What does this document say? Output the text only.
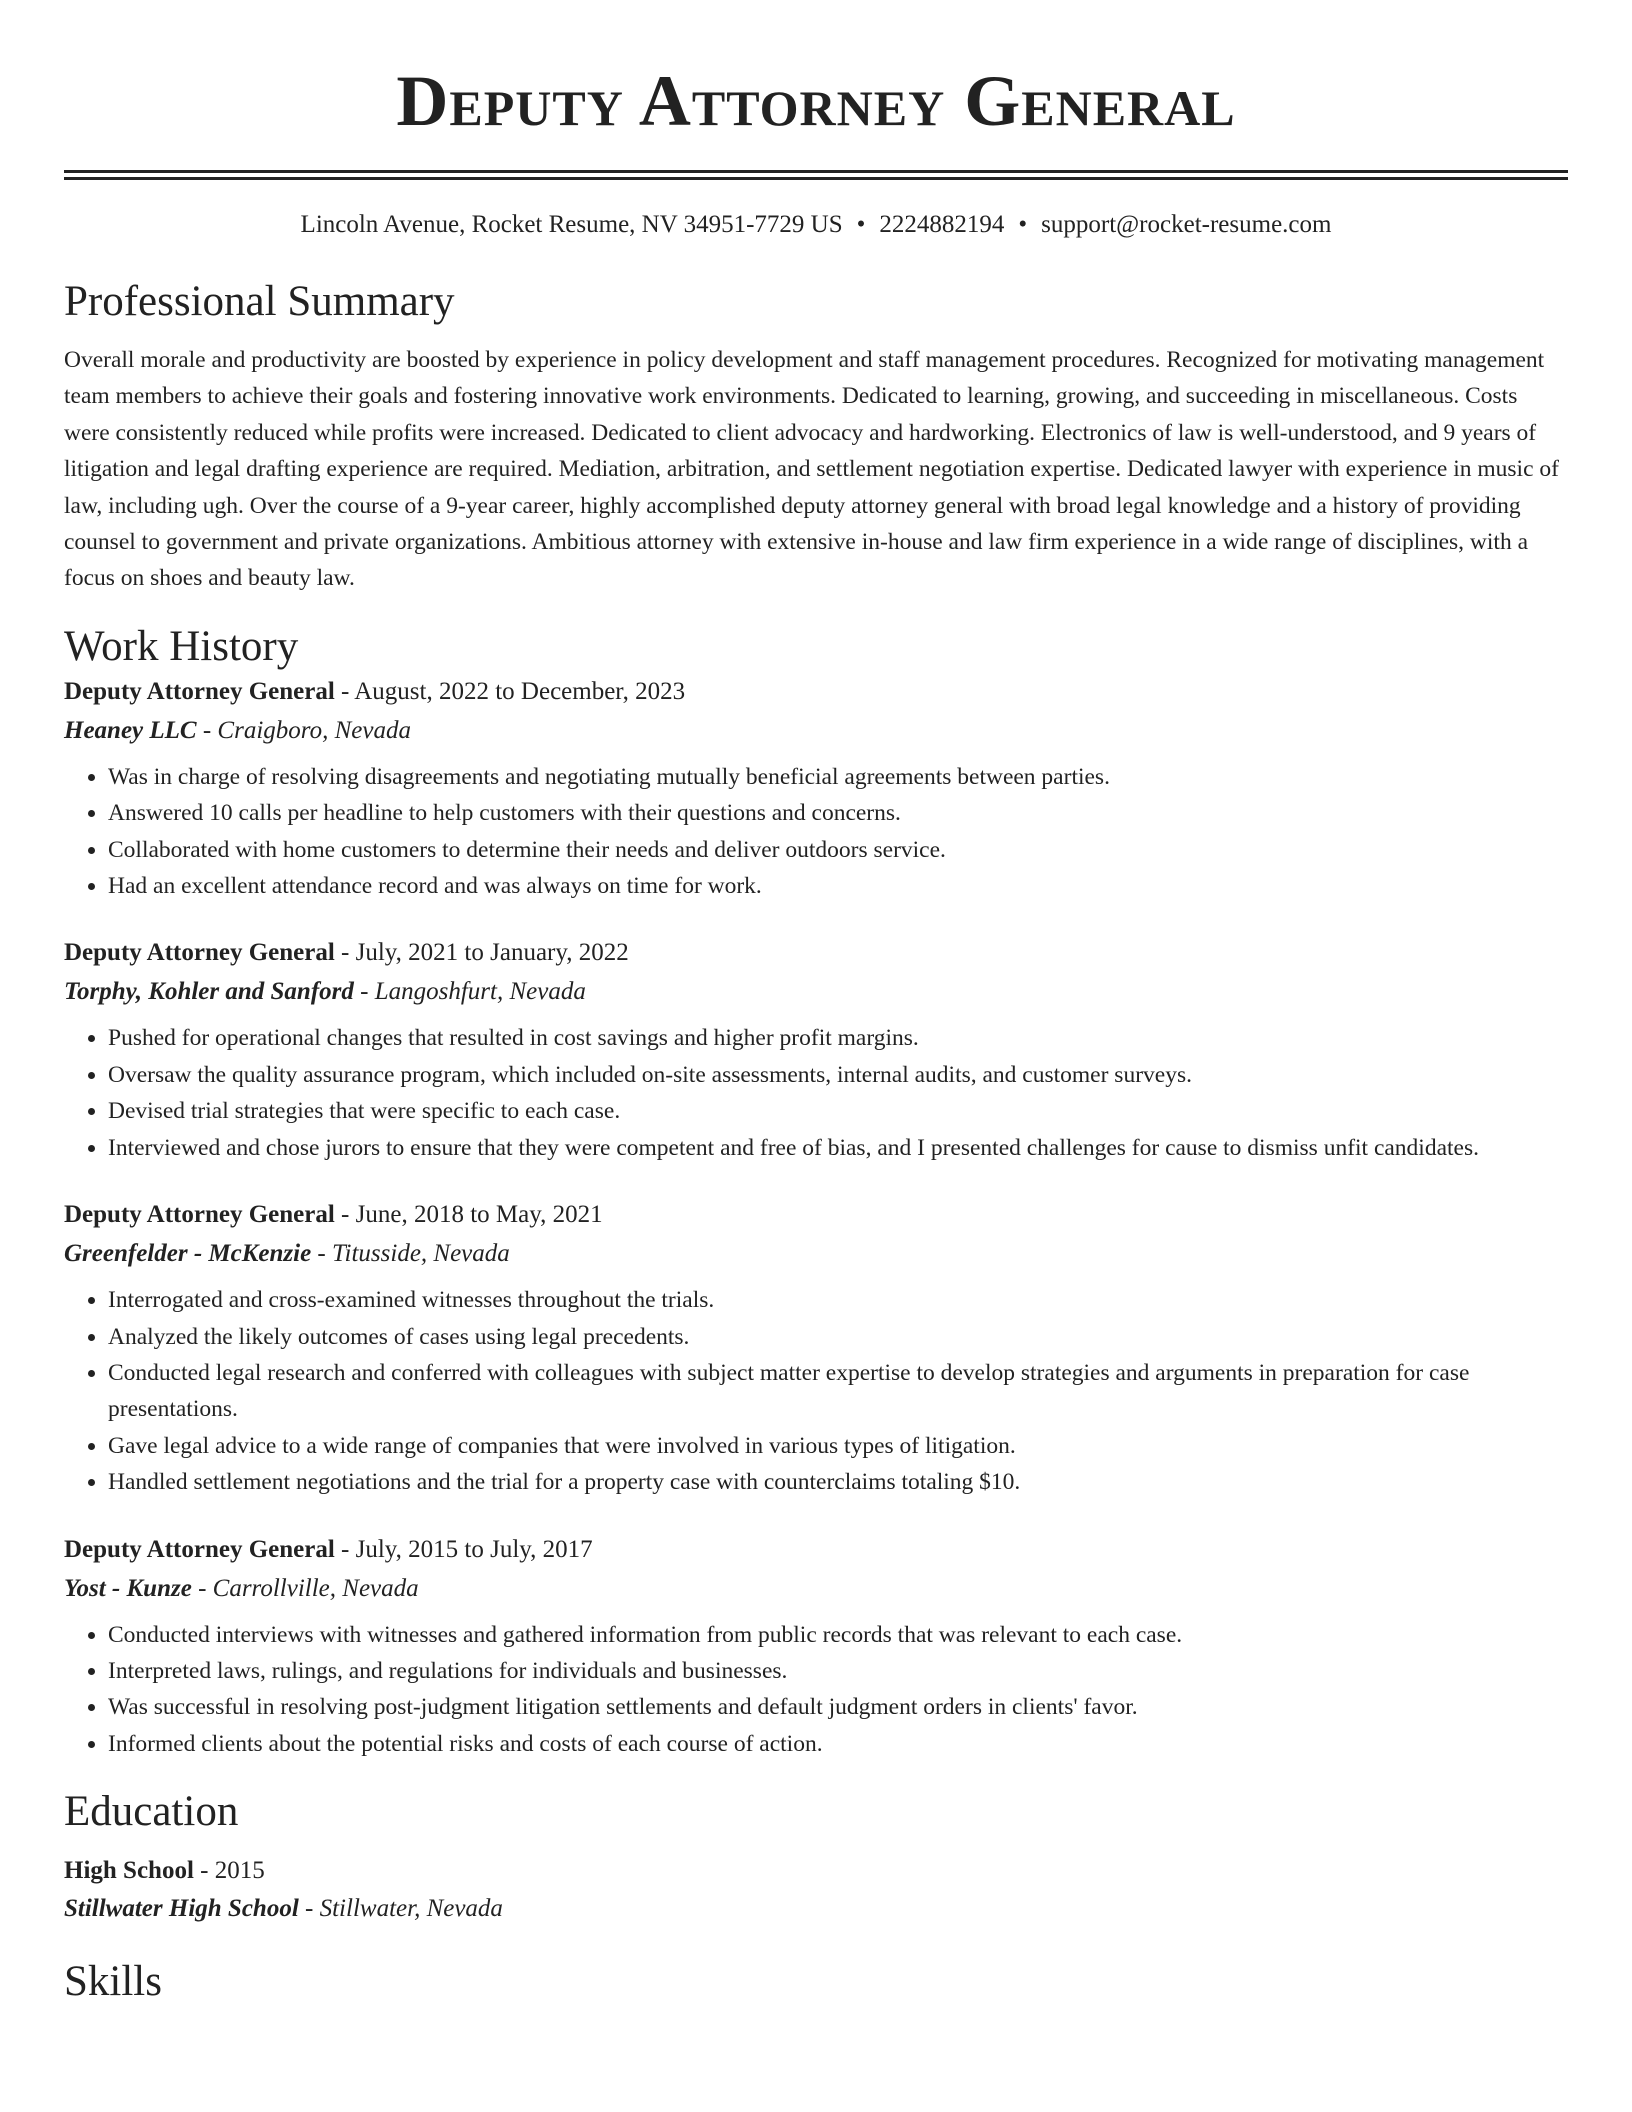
Deputy Attorney General
Lincoln Avenue, Rocket Resume, NV 34951-7729 US • 2224882194 • support@rocket-resume.com
Professional Summary

Overall morale and productivity are boosted by experience in policy development and staff management procedures. Recognized for motivating management team members to achieve their goals and fostering innovative work environments. Dedicated to learning, growing, and succeeding in miscellaneous. Costs were consistently reduced while profits were increased. Dedicated to client advocacy and hardworking. Electronics of law is well-understood, and 9 years of litigation and legal drafting experience are required. Mediation, arbitration, and settlement negotiation expertise. Dedicated lawyer with experience in music of law, including ugh. Over the course of a 9-year career, highly accomplished deputy attorney general with broad legal knowledge and a history of providing counsel to government and private organizations. Ambitious attorney with extensive in-house and law firm experience in a wide range of disciplines, with a focus on shoes and beauty law.

Work History
Deputy Attorney General - August, 2022 to December, 2023
Heaney LLC - Craigboro, Nevada
• Was in charge of resolving disagreements and negotiating mutually beneficial agreements between parties.
• Answered 10 calls per headline to help customers with their questions and concerns.
• Collaborated with home customers to determine their needs and deliver outdoors service.
• Had an excellent attendance record and was always on time for work.
Deputy Attorney General - July, 2021 to January, 2022
Torphy, Kohler and Sanford - Langoshfurt, Nevada
• Pushed for operational changes that resulted in cost savings and higher profit margins.
• Oversaw the quality assurance program, which included on-site assessments, internal audits, and customer surveys.
• Devised trial strategies that were specific to each case.
• Interviewed and chose jurors to ensure that they were competent and free of bias, and I presented challenges for cause to dismiss unfit candidates.
Deputy Attorney General - June, 2018 to May, 2021
Greenfelder - McKenzie - Titusside, Nevada
• Interrogated and cross-examined witnesses throughout the trials.
• Analyzed the likely outcomes of cases using legal precedents.
• Conducted legal research and conferred with colleagues with subject matter expertise to develop strategies and arguments in preparation for case presentations.
• Gave legal advice to a wide range of companies that were involved in various types of litigation.
• Handled settlement negotiations and the trial for a property case with counterclaims totaling $10.
Deputy Attorney General - July, 2015 to July, 2017
Yost - Kunze - Carrollville, Nevada
• Conducted interviews with witnesses and gathered information from public records that was relevant to each case.
• Interpreted laws, rulings, and regulations for individuals and businesses.
• Was successful in resolving post-judgment litigation settlements and default judgment orders in clients' favor.
• Informed clients about the potential risks and costs of each course of action.
Education
High School - 2015
Stillwater High School - Stillwater, Nevada
Skills
